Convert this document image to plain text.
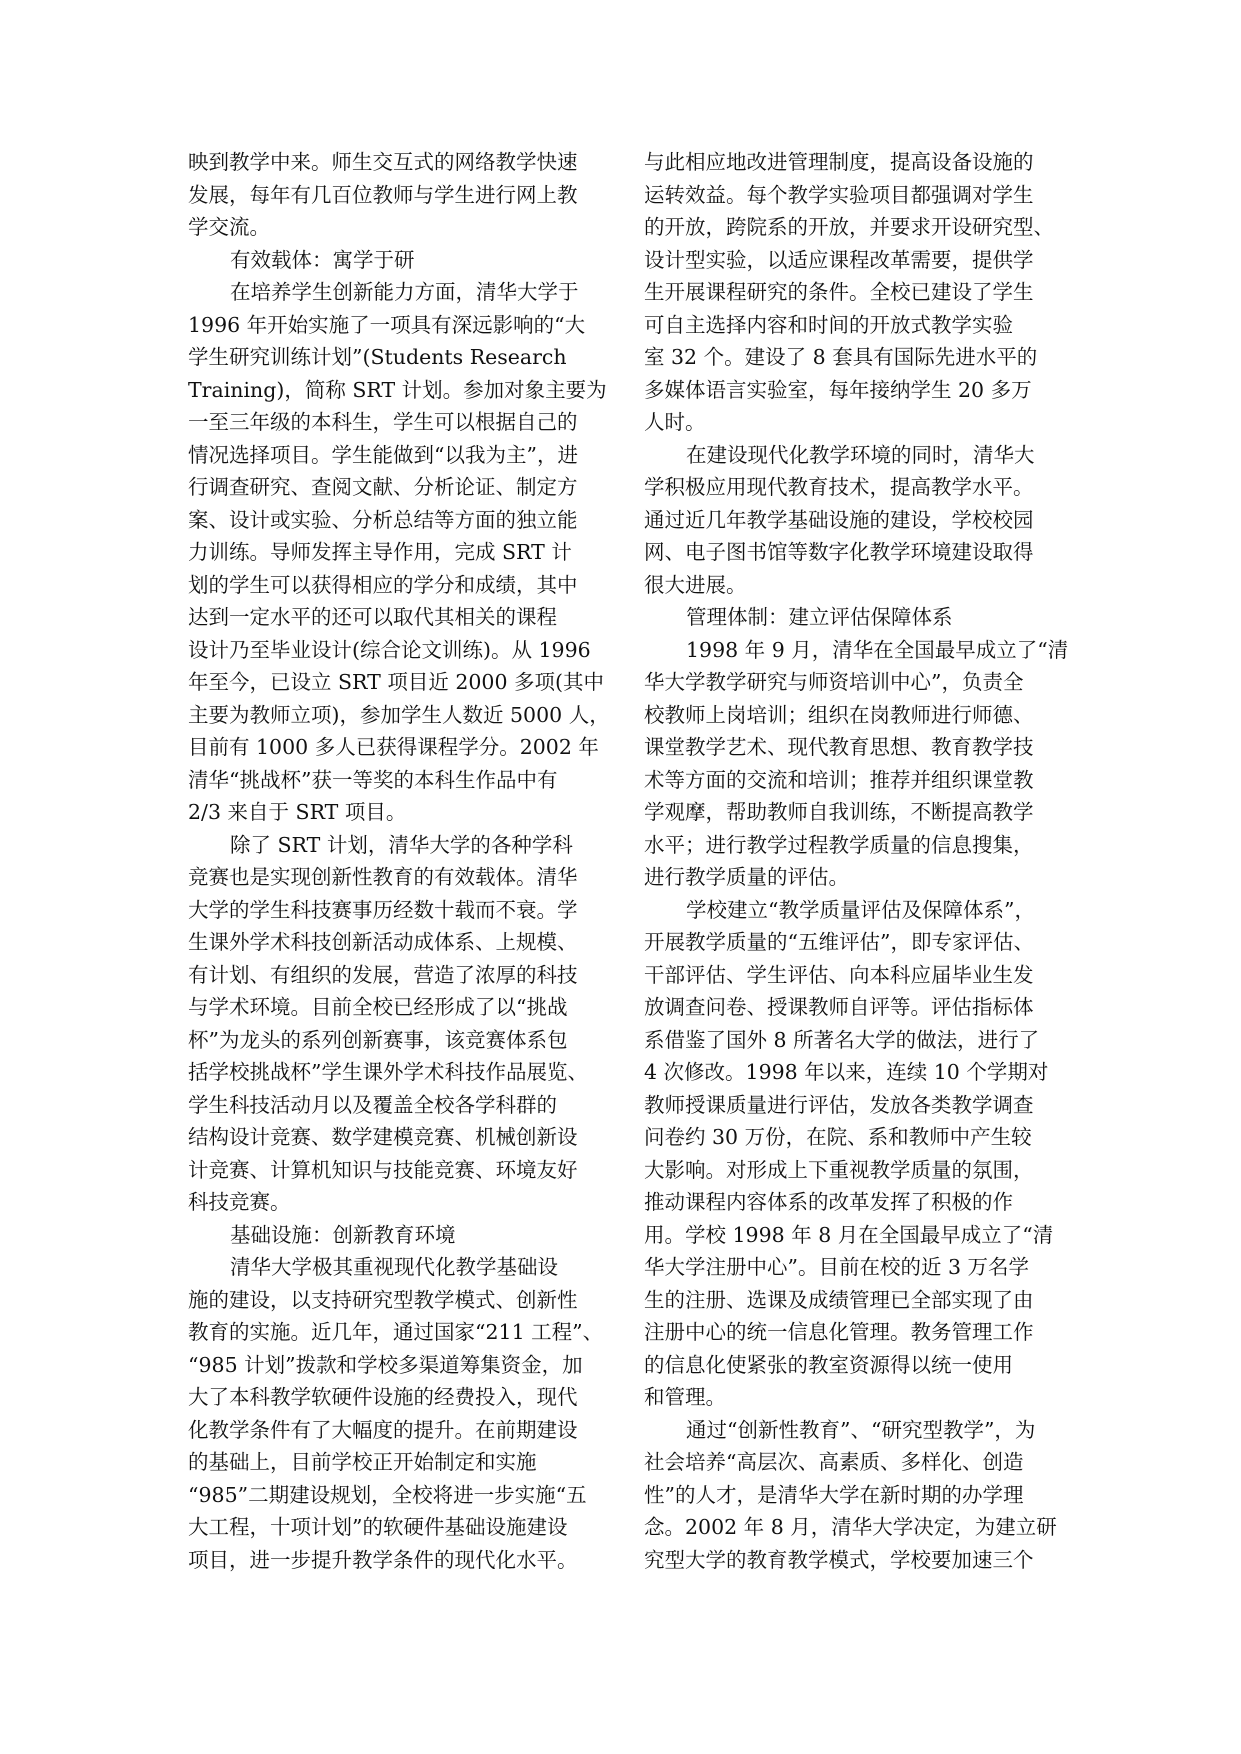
映到教学中来。师生交互式的网络教学快速
发展，每年有几百位教师与学生进行网上教
学交流。
有效载体：寓学于研
在培养学生创新能力方面，清华大学于
1996 年开始实施了一项具有深远影响的“大
学生研究训练计划”(Students Research
Training)，简称 SRT 计划。参加对象主要为
一至三年级的本科生，学生可以根据自己的
情况选择项目。学生能做到“以我为主”，进
行调查研究、查阅文献、分析论证、制定方
案、设计或实验、分析总结等方面的独立能
力训练。导师发挥主导作用，完成 SRT 计
划的学生可以获得相应的学分和成绩，其中
达到一定水平的还可以取代其相关的课程
设计乃至毕业设计(综合论文训练)。从 1996
年至今，已设立 SRT 项目近 2000 多项(其中
主要为教师立项)，参加学生人数近 5000 人，
目前有 1000 多人已获得课程学分。2002 年
清华“挑战杯”获一等奖的本科生作品中有
2/3 来自于 SRT 项目。
除了 SRT 计划，清华大学的各种学科
竞赛也是实现创新性教育的有效载体。清华
大学的学生科技赛事历经数十载而不衰。学
生课外学术科技创新活动成体系、上规模、
有计划、有组织的发展，营造了浓厚的科技
与学术环境。目前全校已经形成了以“挑战
杯”为龙头的系列创新赛事，该竞赛体系包
括学校挑战杯”学生课外学术科技作品展览、
学生科技活动月以及覆盖全校各学科群的
结构设计竞赛、数学建模竞赛、机械创新设
计竞赛、计算机知识与技能竞赛、环境友好
科技竞赛。
基础设施：创新教育环境
清华大学极其重视现代化教学基础设
施的建设，以支持研究型教学模式、创新性
教育的实施。近几年，通过国家“211 工程”、
“985 计划”拨款和学校多渠道筹集资金，加
大了本科教学软硬件设施的经费投入，现代
化教学条件有了大幅度的提升。在前期建设
的基础上，目前学校正开始制定和实施
“985”二期建设规划，全校将进一步实施“五
大工程，十项计划”的软硬件基础设施建设
项目，进一步提升教学条件的现代化水平。
与此相应地改进管理制度，提高设备设施的
运转效益。每个教学实验项目都强调对学生
的开放，跨院系的开放，并要求开设研究型、
设计型实验，以适应课程改革需要，提供学
生开展课程研究的条件。全校已建设了学生
可自主选择内容和时间的开放式教学实验
室 32 个。建设了 8 套具有国际先进水平的
多媒体语言实验室，每年接纳学生 20 多万
人时。
在建设现代化教学环境的同时，清华大
学积极应用现代教育技术，提高教学水平。
通过近几年教学基础设施的建设，学校校园
网、电子图书馆等数字化教学环境建设取得
很大进展。
管理体制：建立评估保障体系
1998 年 9 月，清华在全国最早成立了“清
华大学教学研究与师资培训中心”，负责全
校教师上岗培训；组织在岗教师进行师德、
课堂教学艺术、现代教育思想、教育教学技
术等方面的交流和培训；推荐并组织课堂教
学观摩，帮助教师自我训练，不断提高教学
水平；进行教学过程教学质量的信息搜集，
进行教学质量的评估。
学校建立“教学质量评估及保障体系”，
开展教学质量的“五维评估”，即专家评估、
干部评估、学生评估、向本科应届毕业生发
放调查问卷、授课教师自评等。评估指标体
系借鉴了国外 8 所著名大学的做法，进行了
4 次修改。1998 年以来，连续 10 个学期对
教师授课质量进行评估，发放各类教学调查
问卷约 30 万份，在院、系和教师中产生较
大影响。对形成上下重视教学质量的氛围，
推动课程内容体系的改革发挥了积极的作
用。学校 1998 年 8 月在全国最早成立了“清
华大学注册中心”。目前在校的近 3 万名学
生的注册、选课及成绩管理已全部实现了由
注册中心的统一信息化管理。教务管理工作
的信息化使紧张的教室资源得以统一使用
和管理。
通过“创新性教育”、“研究型教学”，为
社会培养“高层次、高素质、多样化、创造
性”的人才，是清华大学在新时期的办学理
念。2002 年 8 月，清华大学决定，为建立研
究型大学的教育教学模式，学校要加速三个
